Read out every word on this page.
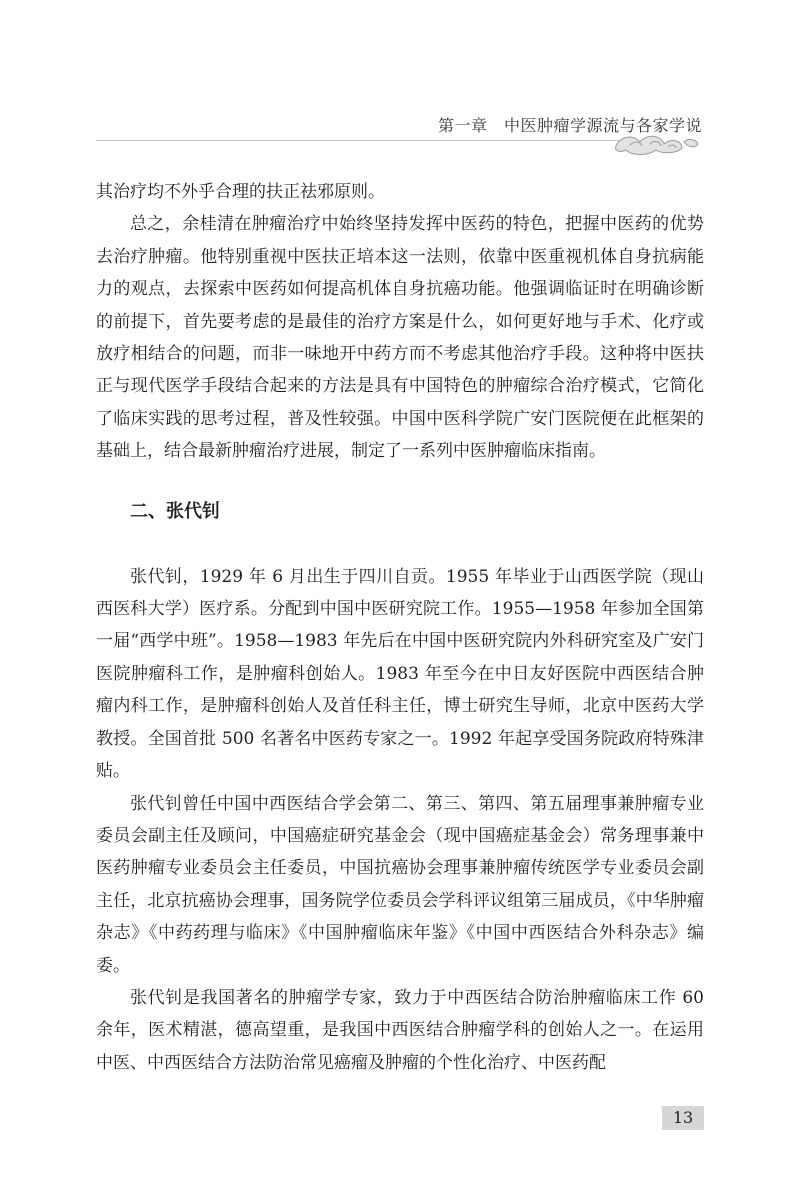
第一章　中医肿瘤学源流与各家学说

其治疗均不外乎合理的扶正祛邪原则。

总之，余桂清在肿瘤治疗中始终坚持发挥中医药的特色，把握中医药的优势去治疗肿瘤。他特别重视中医扶正培本这一法则，依靠中医重视机体自身抗病能力的观点，去探索中医药如何提高机体自身抗癌功能。他强调临证时在明确诊断的前提下，首先要考虑的是最佳的治疗方案是什么，如何更好地与手术、化疗或放疗相结合的问题，而非一味地开中药方而不考虑其他治疗手段。这种将中医扶正与现代医学手段结合起来的方法是具有中国特色的肿瘤综合治疗模式，它简化了临床实践的思考过程，普及性较强。中国中医科学院广安门医院便在此框架的基础上，结合最新肿瘤治疗进展，制定了一系列中医肿瘤临床指南。

二、张代钊

张代钊，1929 年 6 月出生于四川自贡。1955 年毕业于山西医学院（现山西医科大学）医疗系。分配到中国中医研究院工作。1955—1958 年参加全国第一届“西学中班”。1958—1983 年先后在中国中医研究院内外科研究室及广安门医院肿瘤科工作，是肿瘤科创始人。1983 年至今在中日友好医院中西医结合肿瘤内科工作，是肿瘤科创始人及首任科主任，博士研究生导师，北京中医药大学教授。全国首批 500 名著名中医药专家之一。1992 年起享受国务院政府特殊津贴。

张代钊曾任中国中西医结合学会第二、第三、第四、第五届理事兼肿瘤专业委员会副主任及顾问，中国癌症研究基金会（现中国癌症基金会）常务理事兼中医药肿瘤专业委员会主任委员，中国抗癌协会理事兼肿瘤传统医学专业委员会副主任，北京抗癌协会理事，国务院学位委员会学科评议组第三届成员，《中华肿瘤杂志》《中药药理与临床》《中国肿瘤临床年鉴》《中国中西医结合外科杂志》编委。

张代钊是我国著名的肿瘤学专家，致力于中西医结合防治肿瘤临床工作 60 余年，医术精湛，德高望重，是我国中西医结合肿瘤学科的创始人之一。在运用中医、中西医结合方法防治常见癌瘤及肿瘤的个性化治疗、中医药配

13
